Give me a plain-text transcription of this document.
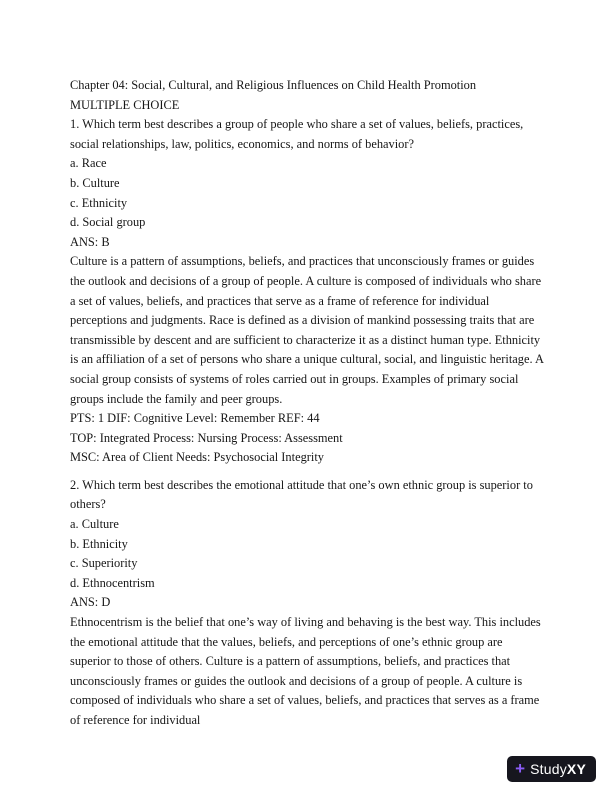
Chapter 04: Social, Cultural, and Religious Influences on Child Health Promotion

MULTIPLE CHOICE

1. Which term best describes a group of people who share a set of values, beliefs, practices, social relationships, law, politics, economics, and norms of behavior?

a. Race

b. Culture

c. Ethnicity

d. Social group

ANS: B

Culture is a pattern of assumptions, beliefs, and practices that unconsciously frames or guides the outlook and decisions of a group of people. A culture is composed of individuals who share a set of values, beliefs, and practices that serve as a frame of reference for individual perceptions and judgments. Race is defined as a division of mankind possessing traits that are transmissible by descent and are sufficient to characterize it as a distinct human type. Ethnicity is an affiliation of a set of persons who share a unique cultural, social, and linguistic heritage. A social group consists of systems of roles carried out in groups. Examples of primary social groups include the family and peer groups.

PTS: 1 DIF: Cognitive Level: Remember REF: 44

TOP: Integrated Process: Nursing Process: Assessment

MSC: Area of Client Needs: Psychosocial Integrity

2. Which term best describes the emotional attitude that one’s own ethnic group is superior to others?

a. Culture

b. Ethnicity

c. Superiority

d. Ethnocentrism

ANS: D

Ethnocentrism is the belief that one’s way of living and behaving is the best way. This includes the emotional attitude that the values, beliefs, and perceptions of one’s ethnic group are superior to those of others. Culture is a pattern of assumptions, beliefs, and practices that unconsciously frames or guides the outlook and decisions of a group of people. A culture is composed of individuals who share a set of values, beliefs, and practices that serves as a frame of reference for individual

+ StudyXY
